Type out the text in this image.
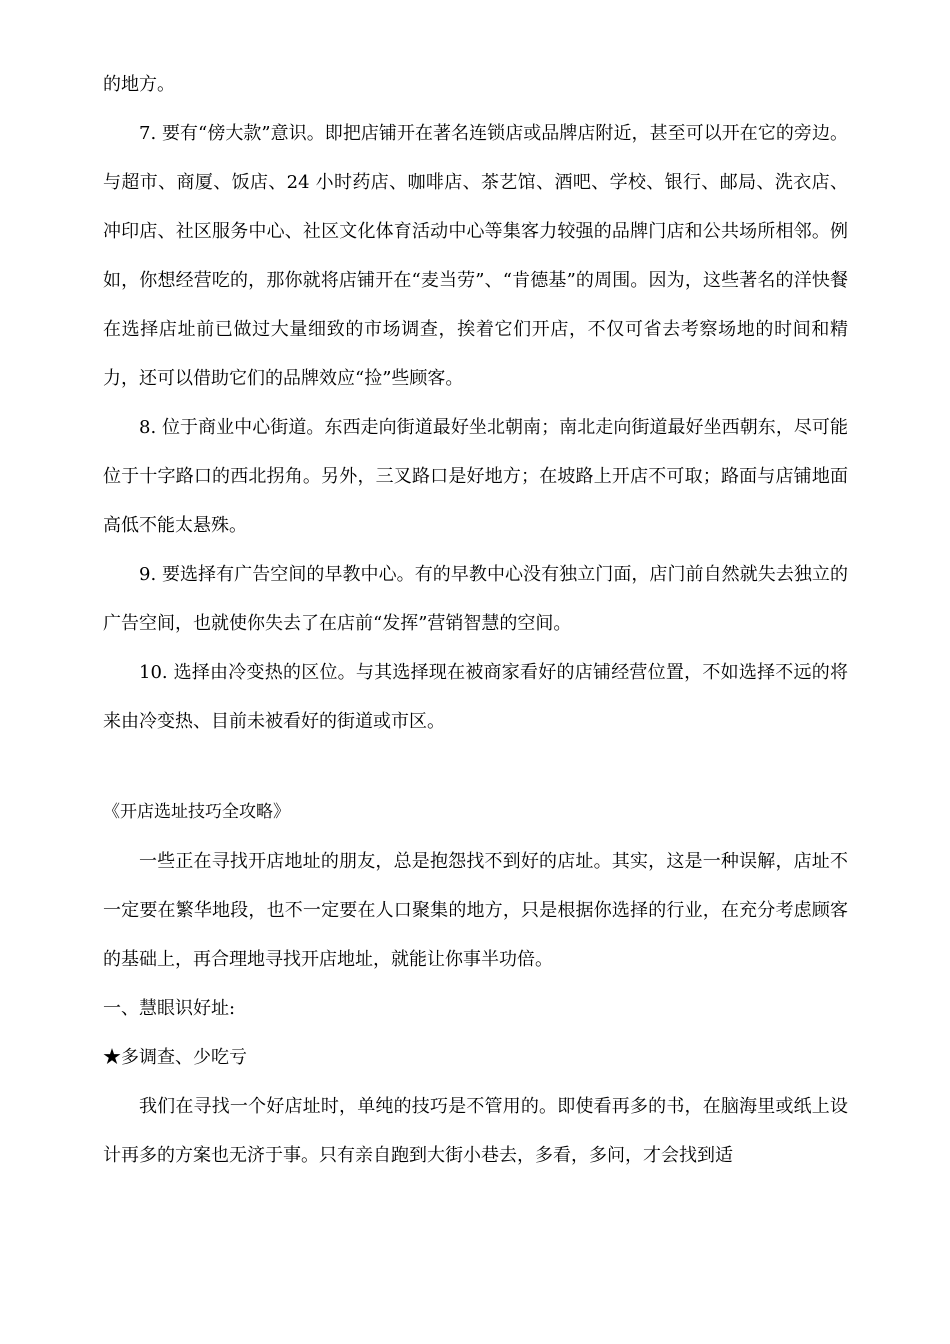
的地方。

7. 要有“傍大款”意识。即把店铺开在著名连锁店或品牌店附近，甚至可以开在它的旁边。与超市、商厦、饭店、24 小时药店、咖啡店、茶艺馆、酒吧、学校、银行、邮局、洗衣店、冲印店、社区服务中心、社区文化体育活动中心等集客力较强的品牌门店和公共场所相邻。例如，你想经营吃的，那你就将店铺开在“麦当劳”、“肯德基”的周围。因为，这些著名的洋快餐在选择店址前已做过大量细致的市场调查，挨着它们开店，不仅可省去考察场地的时间和精力，还可以借助它们的品牌效应“捡”些顾客。

8. 位于商业中心街道。东西走向街道最好坐北朝南；南北走向街道最好坐西朝东，尽可能位于十字路口的西北拐角。另外，三叉路口是好地方；在坡路上开店不可取；路面与店铺地面高低不能太悬殊。

9. 要选择有广告空间的早教中心。有的早教中心没有独立门面，店门前自然就失去独立的广告空间，也就使你失去了在店前“发挥”营销智慧的空间。

10. 选择由冷变热的区位。与其选择现在被商家看好的店铺经营位置，不如选择不远的将来由冷变热、目前未被看好的街道或市区。

《开店选址技巧全攻略》

一些正在寻找开店地址的朋友，总是抱怨找不到好的店址。其实，这是一种误解，店址不一定要在繁华地段，也不一定要在人口聚集的地方，只是根据你选择的行业，在充分考虑顾客的基础上，再合理地寻找开店地址，就能让你事半功倍。

一、慧眼识好址:

★多调查、少吃亏

我们在寻找一个好店址时，单纯的技巧是不管用的。即使看再多的书，在脑海里或纸上设计再多的方案也无济于事。只有亲自跑到大街小巷去，多看，多问，才会找到适
